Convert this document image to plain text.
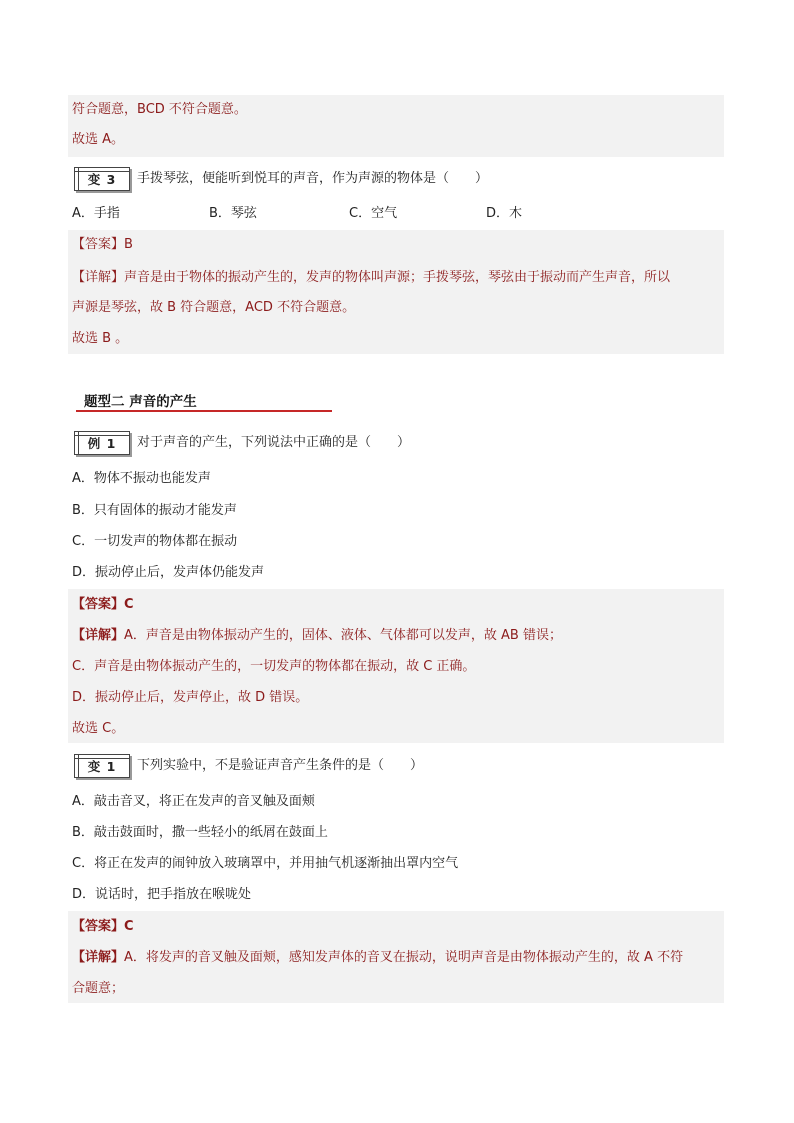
符合题意，BCD 不符合题意。
故选 A。
变 3	手拨琴弦，便能听到悦耳的声音，作为声源的物体是（　　）
A．手指	B．琴弦	C．空气	D．木
【答案】B
【详解】声音是由于物体的振动产生的，发声的物体叫声源；手拨琴弦，琴弦由于振动而产生声音，所以
声源是琴弦，故 B 符合题意，ACD 不符合题意。
故选 B 。
题型二 声音的产生
例 1	对于声音的产生，下列说法中正确的是（　　）
A．物体不振动也能发声
B．只有固体的振动才能发声
C．一切发声的物体都在振动
D．振动停止后，发声体仍能发声
【答案】C
【详解】A．声音是由物体振动产生的，固体、液体、气体都可以发声，故 AB 错误；
C．声音是由物体振动产生的，一切发声的物体都在振动，故 C 正确。
D．振动停止后，发声停止，故 D 错误。
故选 C。
变 1	下列实验中，不是验证声音产生条件的是（　　）
A．敲击音叉，将正在发声的音叉触及面颊
B．敲击鼓面时，撒一些轻小的纸屑在鼓面上
C．将正在发声的闹钟放入玻璃罩中，并用抽气机逐渐抽出罩内空气
D．说话时，把手指放在喉咙处
【答案】C
【详解】A．将发声的音叉触及面颊，感知发声体的音叉在振动，说明声音是由物体振动产生的，故 A 不符
合题意；
